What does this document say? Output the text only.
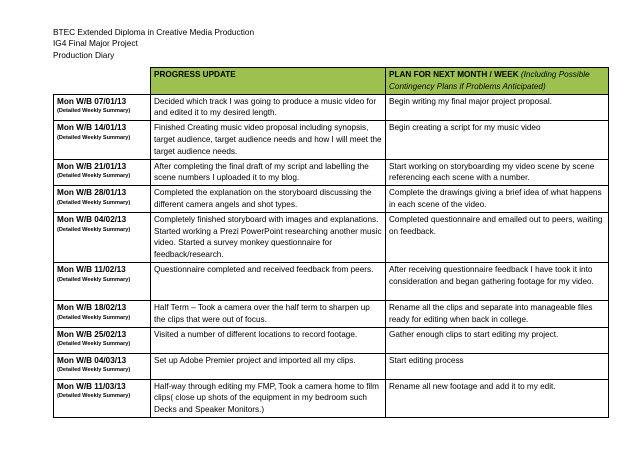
BTEC Extended Diploma in Creative Media Production
IG4 Final Major Project
Production Diary
	PROGRESS UPDATE	PLAN FOR NEXT MONTH / WEEK (Including Possible Contingency Plans if Problems Anticipated)

Mon W/B 07/01/13
(Detailed Weekly Summary)	Decided which track I was going to produce a music video for and edited it to my desired length.	Begin writing my final major project proposal.

Mon W/B 14/01/13
(Detailed Weekly Summary)	Finished Creating music video proposal including synopsis, target audience, target audience needs and how I will meet the target audience needs.	Begin creating a script for my music video

Mon W/B 21/01/13
(Detailed Weekly Summary)	After completing the final draft of my script and labelling the scene numbers I uploaded it to my blog.	Start working on storyboarding my video scene by scene referencing each scene with a number.

Mon W/B 28/01/13
(Detailed Weekly Summary)	Completed the explanation on the storyboard discussing the different camera angels and shot types.	Complete the drawings giving a brief idea of what happens in each scene of the video.

Mon W/B 04/02/13
(Detailed Weekly Summary)	Completely finished storyboard with images and explanations. Started working a Prezi PowerPoint researching another music video. Started a survey monkey questionnaire for feedback/research.	Completed questionnaire and emailed out to peers, waiting on feedback.

Mon W/B 11/02/13
(Detailed Weekly Summary)	Questionnaire completed and received feedback from peers.	After receiving questionnaire feedback I have took it into consideration and began gathering footage for my video.

Mon W/B 18/02/13
(Detailed Weekly Summary)	Half Term – Took a camera over the half term to sharpen up the clips that were out of focus.	Rename all the clips and separate into manageable files ready for editing when back in college.

Mon W/B 25/02/13
(Detailed Weekly Summary)	Visited a number of different locations to record footage.	Gather enough clips to start editing my project.

Mon W/B 04/03/13
(Detailed Weekly Summary)	Set up Adobe Premier project and imported all my clips.	Start editing process

Mon W/B 11/03/13
(Detailed Weekly Summary)	Half-way through editing my FMP, Took a camera home to film clips( close up shots of the equipment in my bedroom such Decks and Speaker Monitors.)	Rename all new footage and add it to my edit.
